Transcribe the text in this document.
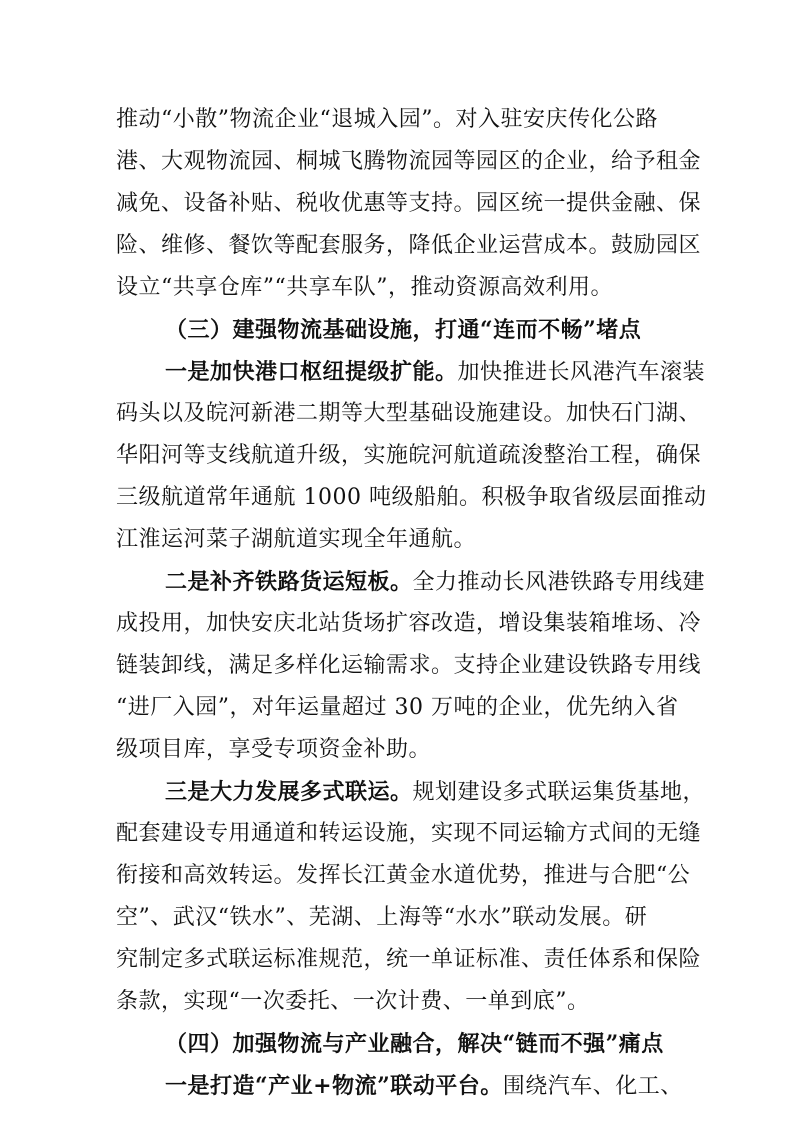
推动“小散”物流企业“退城入园”。对入驻安庆传化公路
港、大观物流园、桐城飞腾物流园等园区的企业，给予租金
减免、设备补贴、税收优惠等支持。园区统一提供金融、保
险、维修、餐饮等配套服务，降低企业运营成本。鼓励园区
设立“共享仓库”“共享车队”，推动资源高效利用。
（三）建强物流基础设施，打通“连而不畅”堵点
一是加快港口枢纽提级扩能。加快推进长风港汽车滚装
码头以及皖河新港二期等大型基础设施建设。加快石门湖、
华阳河等支线航道升级，实施皖河航道疏浚整治工程，确保
三级航道常年通航 1000 吨级船舶。积极争取省级层面推动
江淮运河菜子湖航道实现全年通航。
二是补齐铁路货运短板。全力推动长风港铁路专用线建
成投用，加快安庆北站货场扩容改造，增设集装箱堆场、冷
链装卸线，满足多样化运输需求。支持企业建设铁路专用线
“进厂入园”，对年运量超过 30 万吨的企业，优先纳入省
级项目库，享受专项资金补助。
三是大力发展多式联运。规划建设多式联运集货基地，
配套建设专用通道和转运设施，实现不同运输方式间的无缝
衔接和高效转运。发挥长江黄金水道优势，推进与合肥“公
空”、武汉“铁水”、芜湖、上海等“水水”联动发展。研
究制定多式联运标准规范，统一单证标准、责任体系和保险
条款，实现“一次委托、一次计费、一单到底”。
（四）加强物流与产业融合，解决“链而不强”痛点
一是打造“产业+物流”联动平台。围绕汽车、化工、
